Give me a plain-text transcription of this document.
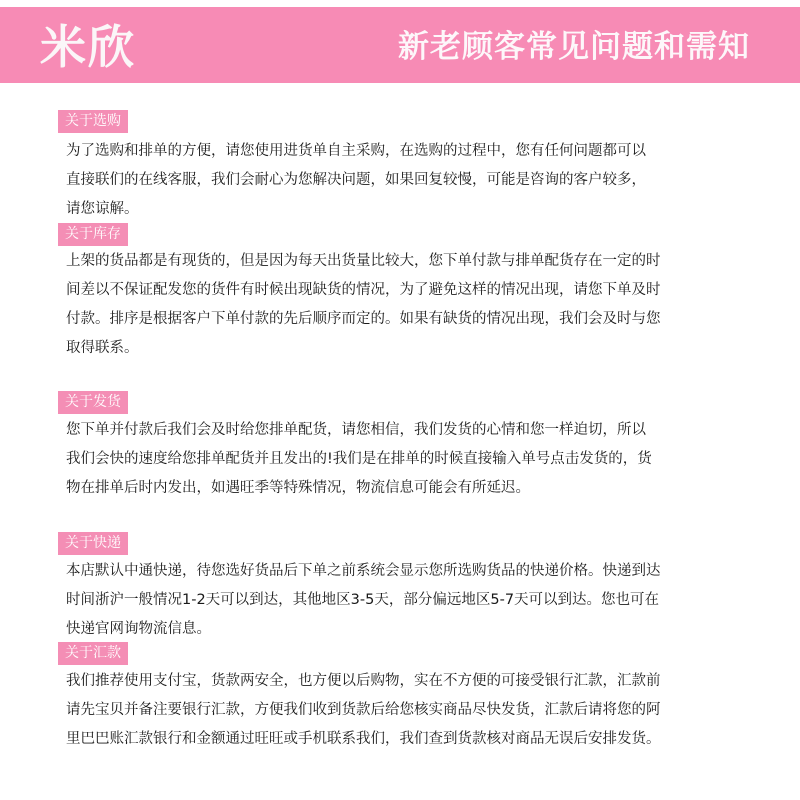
米欣	新老顾客常见问题和需知
关于选购
为了选购和排单的方便，请您使用进货单自主采购，在选购的过程中，您有任何问题都可以
直接联们的在线客服，我们会耐心为您解决问题，如果回复较慢，可能是咨询的客户较多，
请您谅解。
关于库存
上架的货品都是有现货的，但是因为每天出货量比较大，您下单付款与排单配货存在一定的时
间差以不保证配发您的货件有时候出现缺货的情况，为了避免这样的情况出现，请您下单及时
付款。排序是根据客户下单付款的先后顺序而定的。如果有缺货的情况出现，我们会及时与您
取得联系。
关于发货
您下单并付款后我们会及时给您排单配货，请您相信，我们发货的心情和您一样迫切，所以
我们会快的速度给您排单配货并且发出的!我们是在排单的时候直接输入单号点击发货的，货
物在排单后时内发出，如遇旺季等特殊情况，物流信息可能会有所延迟。
关于快递
本店默认中通快递，待您选好货品后下单之前系统会显示您所选购货品的快递价格。快递到达
时间浙沪一般情况1-2天可以到达，其他地区3-5天，部分偏远地区5-7天可以到达。您也可在
快递官网询物流信息。
关于汇款
我们推荐使用支付宝，货款两安全，也方便以后购物，实在不方便的可接受银行汇款，汇款前
请先宝贝并备注要银行汇款，方便我们收到货款后给您核实商品尽快发货，汇款后请将您的阿
里巴巴账汇款银行和金额通过旺旺或手机联系我们，我们查到货款核对商品无误后安排发货。
